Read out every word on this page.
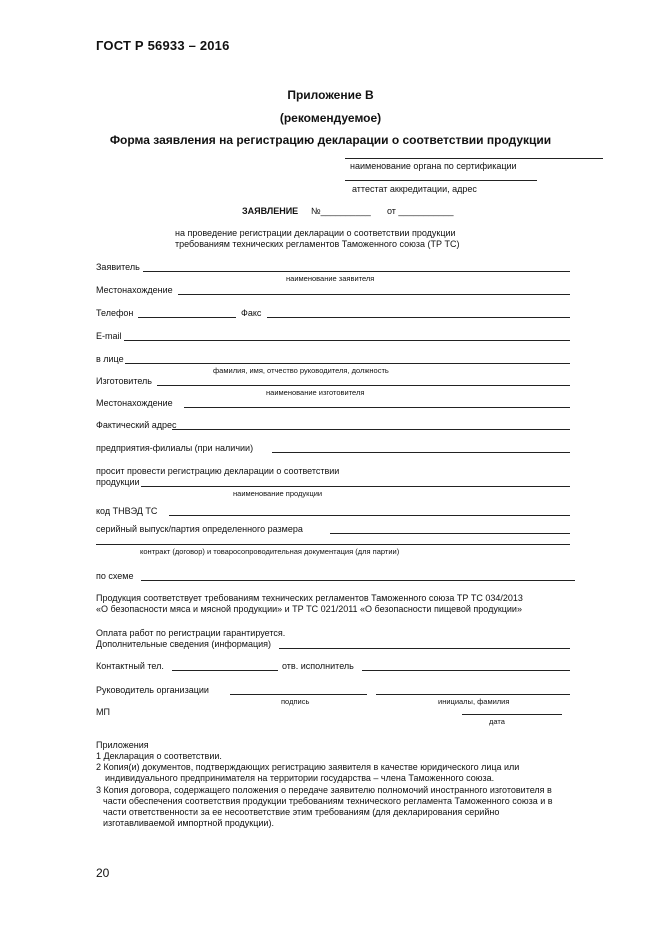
ГОСТ Р 56933 – 2016
Приложение В
(рекомендуемое)
Форма заявления на регистрацию декларации о соответствии продукции
наименование органа по сертификации
аттестат аккредитации, адрес
ЗАЯВЛЕНИЕ №__________ от ___________
на проведение регистрации декларации о соответствии продукции
требованиям технических регламентов Таможенного союза (ТР ТС)
Заявитель
наименование заявителя
Местонахождение
Телефон	Факс
E-mail
в лице
фамилия, имя, отчество руководителя, должность
Изготовитель
наименование изготовителя
Местонахождение
Фактический адрес
предприятия-филиалы (при наличии)
просит провести регистрацию декларации о соответствии
продукции
наименование продукции
код ТНВЭД ТС
серийный выпуск/партия определенного размера
контракт (договор) и товаросопроводительная документация (для партии)
по схеме
Продукция соответствует требованиям технических регламентов Таможенного союза ТР ТС 034/2013
«О безопасности мяса и мясной продукции» и ТР ТС 021/2011 «О безопасности пищевой продукции»
Оплата работ по регистрации гарантируется.
Дополнительные сведения (информация)
Контактный тел.	отв. исполнитель
Руководитель организации
подпись	инициалы, фамилия
МП
дата
Приложения
1 Декларация о соответствии.
2 Копия(и) документов, подтверждающих регистрацию заявителя в качестве юридического лица или
индивидуального предпринимателя на территории государства – члена Таможенного союза.
3 Копия договора, содержащего положения о передаче заявителю полномочий иностранного изготовителя в
части обеспечения соответствия продукции требованиям технического регламента Таможенного союза и в
части ответственности за ее несоответствие этим требованиям (для декларирования серийно
изготавливаемой импортной продукции).
20
